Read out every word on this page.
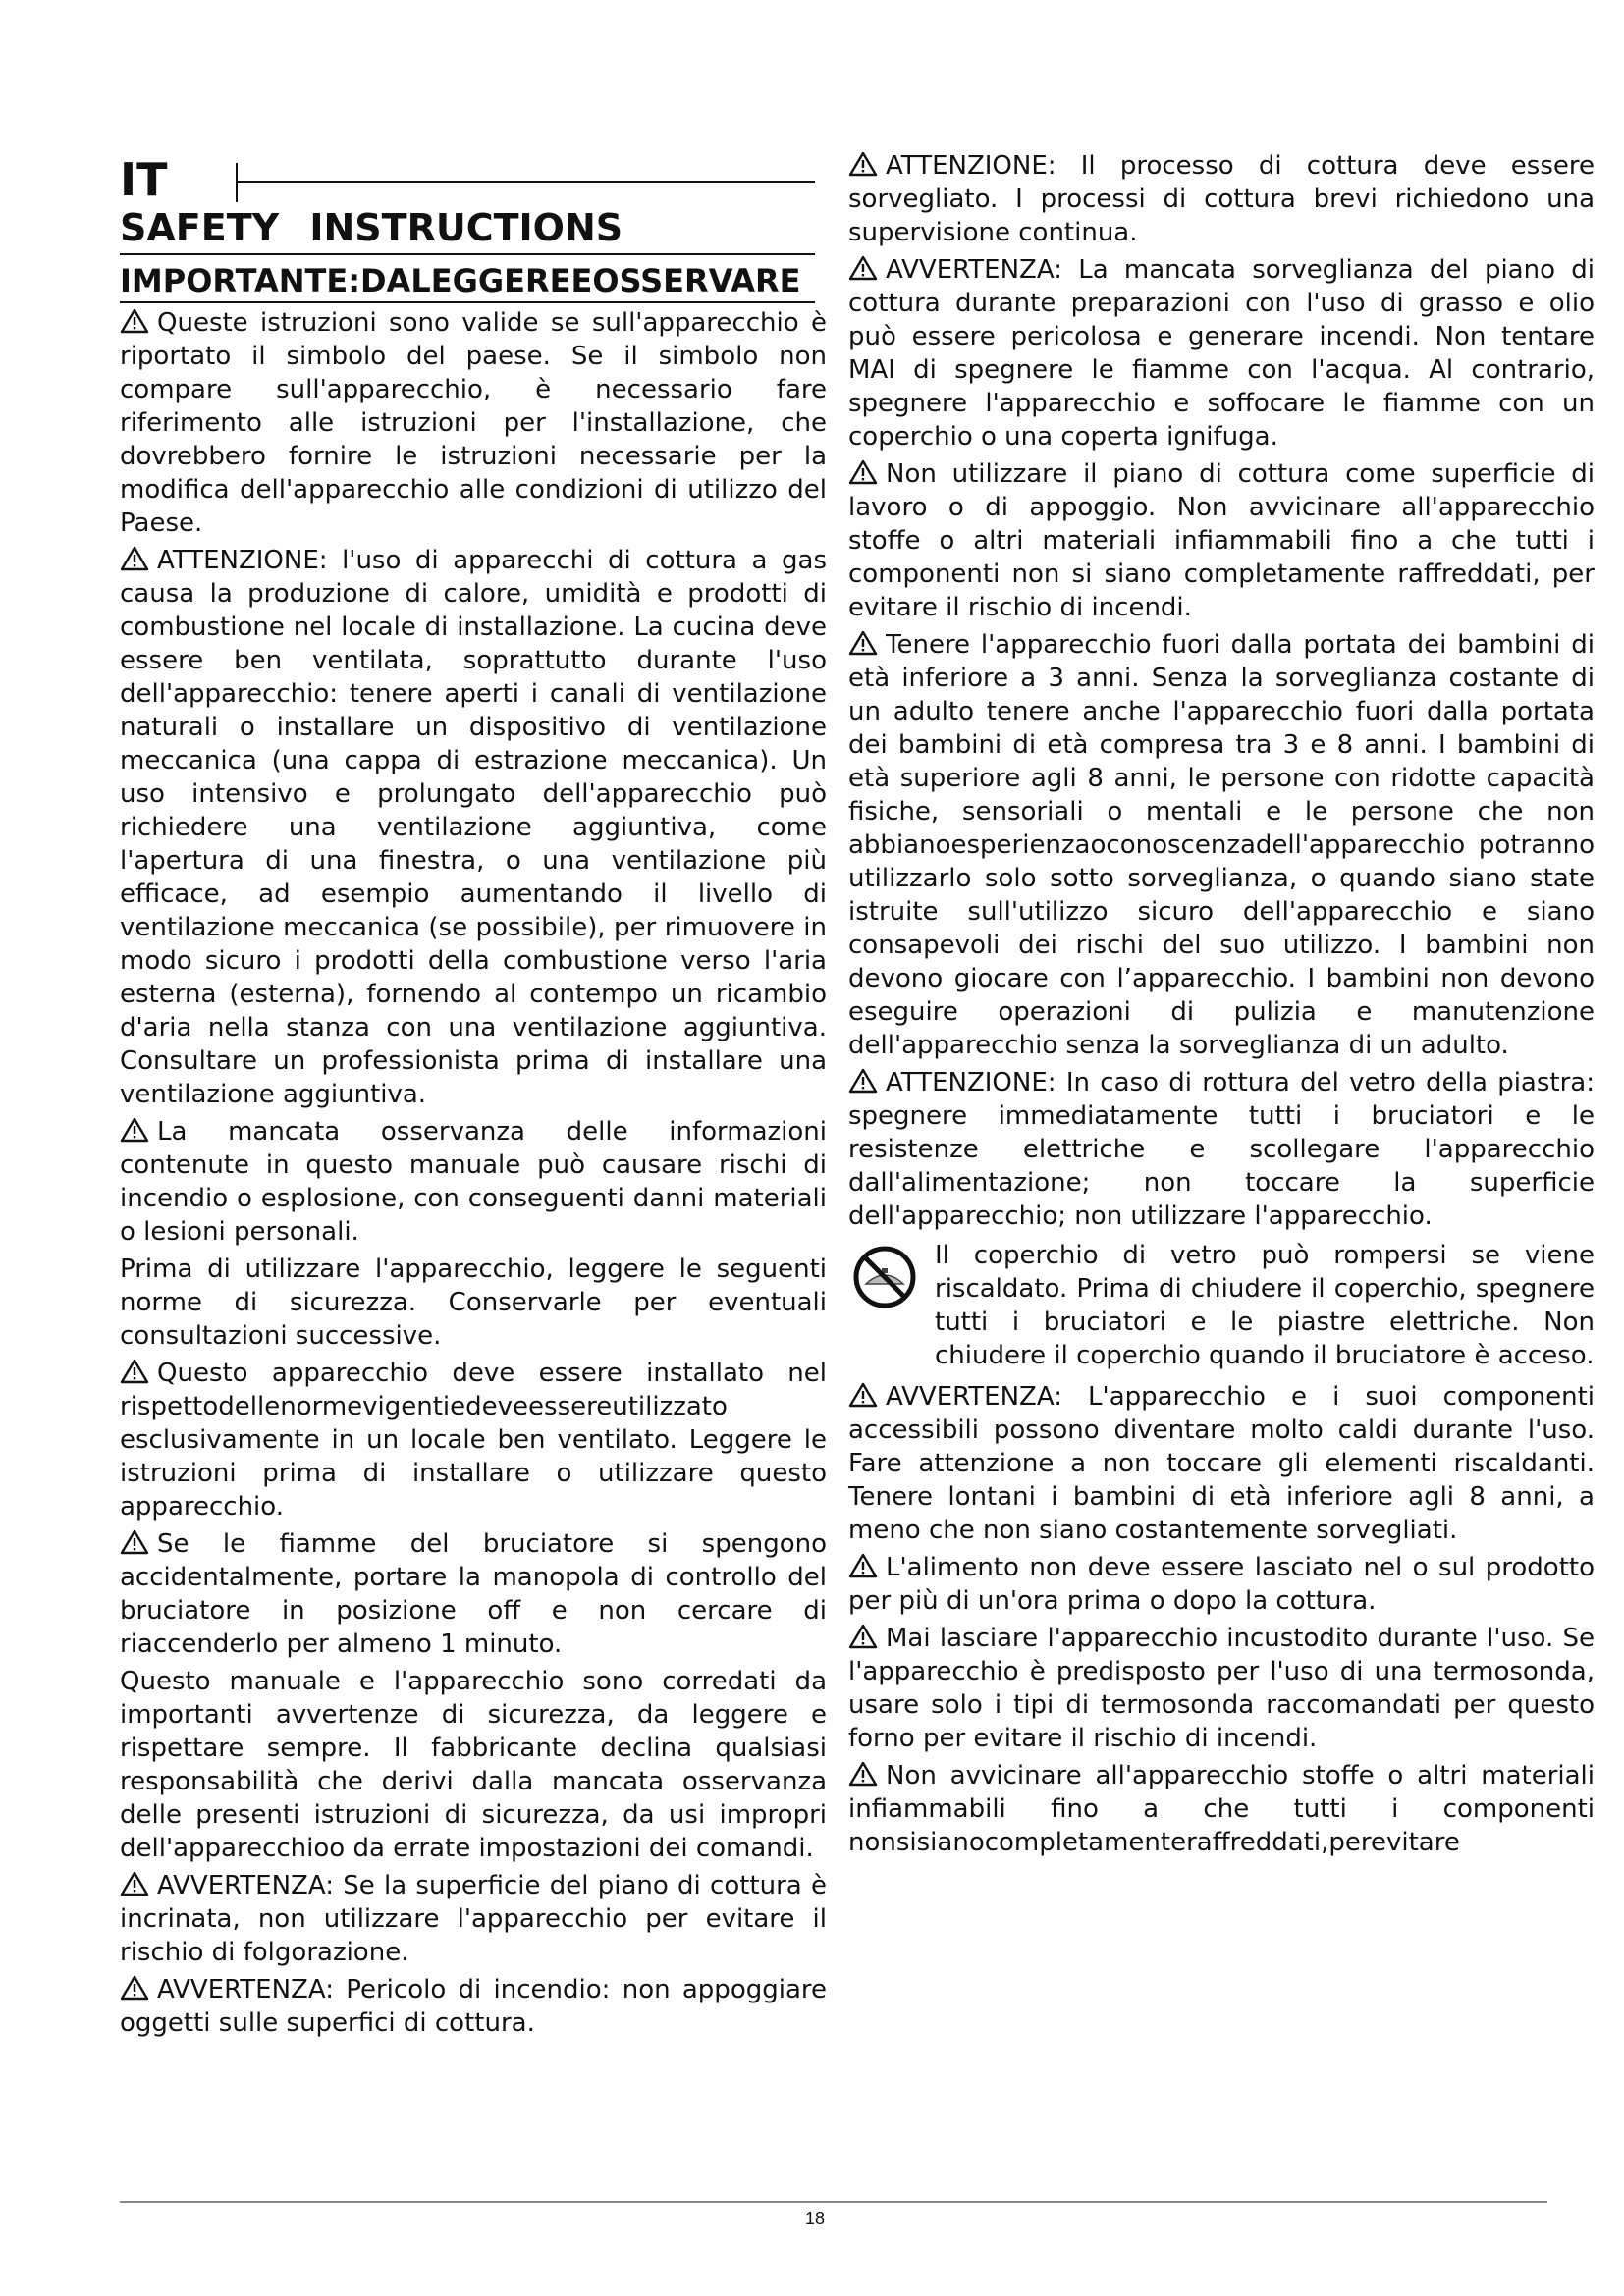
IT
SAFETY INSTRUCTIONS
IMPORTANTE:DALEGGEREEOSSERVARE

Queste istruzioni sono valide se sull'apparecchio è riportato il simbolo del paese. Se il simbolo non compare sull'apparecchio, è necessario fare riferimento alle istruzioni per l'installazione, che dovrebbero fornire le istruzioni necessarie per la modifica dell'apparecchio alle condizioni di utilizzo del Paese.

ATTENZIONE: l'uso di apparecchi di cottura a gas causa la produzione di calore, umidità e prodotti di combustione nel locale di installazione. La cucina deve essere ben ventilata, soprattutto durante l'uso dell'apparecchio: tenere aperti i canali di ventilazione naturali o installare un dispositivo di ventilazione meccanica (una cappa di estrazione meccanica). Un uso intensivo e prolungato dell'apparecchio può richiedere una ventilazione aggiuntiva, come l'apertura di una finestra, o una ventilazione più efficace, ad esempio aumentando il livello di ventilazione meccanica (se possibile), per rimuovere in modo sicuro i prodotti della combustione verso l'aria esterna (esterna), fornendo al contempo un ricambio d'aria nella stanza con una ventilazione aggiuntiva. Consultare un professionista prima di installare una ventilazione aggiuntiva.

La mancata osservanza delle informazioni contenute in questo manuale può causare rischi di incendio o esplosione, con conseguenti danni materiali o lesioni personali.

Prima di utilizzare l'apparecchio, leggere le seguenti norme di sicurezza. Conservarle per eventuali consultazioni successive.

Questo apparecchio deve essere installato nel rispettodellenormevigentiedeveessereutilizzato esclusivamente in un locale ben ventilato. Leggere le istruzioni prima di installare o utilizzare questo apparecchio.

Se le fiamme del bruciatore si spengono accidentalmente, portare la manopola di controllo del bruciatore in posizione off e non cercare di riaccenderlo per almeno 1 minuto.

Questo manuale e l'apparecchio sono corredati da importanti avvertenze di sicurezza, da leggere e rispettare sempre. Il fabbricante declina qualsiasi responsabilità che derivi dalla mancata osservanza delle presenti istruzioni di sicurezza, da usi impropri dell'apparecchioo da errate impostazioni dei comandi.

AVVERTENZA: Se la superficie del piano di cottura è incrinata, non utilizzare l'apparecchio per evitare il rischio di folgorazione.

AVVERTENZA: Pericolo di incendio: non appoggiare oggetti sulle superfici di cottura.

ATTENZIONE: Il processo di cottura deve essere sorvegliato. I processi di cottura brevi richiedono una supervisione continua.

AVVERTENZA: La mancata sorveglianza del piano di cottura durante preparazioni con l'uso di grasso e olio può essere pericolosa e generare incendi. Non tentare MAI di spegnere le fiamme con l'acqua. Al contrario, spegnere l'apparecchio e soffocare le fiamme con un coperchio o una coperta ignifuga.

Non utilizzare il piano di cottura come superficie di lavoro o di appoggio. Non avvicinare all'apparecchio stoffe o altri materiali infiammabili fino a che tutti i componenti non si siano completamente raffreddati, per evitare il rischio di incendi.

Tenere l'apparecchio fuori dalla portata dei bambini di età inferiore a 3 anni. Senza la sorveglianza costante di un adulto tenere anche l'apparecchio fuori dalla portata dei bambini di età compresa tra 3 e 8 anni. I bambini di età superiore agli 8 anni, le persone con ridotte capacità fisiche, sensoriali o mentali e le persone che non abbianoesperienzaoconoscenzadell'apparecchio potranno utilizzarlo solo sotto sorveglianza, o quando siano state istruite sull'utilizzo sicuro dell'apparecchio e siano consapevoli dei rischi del suo utilizzo. I bambini non devono giocare con l’apparecchio. I bambini non devono eseguire operazioni di pulizia e manutenzione dell'apparecchio senza la sorveglianza di un adulto.

ATTENZIONE: In caso di rottura del vetro della piastra: spegnere immediatamente tutti i bruciatori e le resistenze elettriche e scollegare l'apparecchio dall'alimentazione; non toccare la superficie dell'apparecchio; non utilizzare l'apparecchio.

Il coperchio di vetro può rompersi se viene riscaldato. Prima di chiudere il coperchio, spegnere tutti i bruciatori e le piastre elettriche. Non chiudere il coperchio quando il bruciatore è acceso.

AVVERTENZA: L'apparecchio e i suoi componenti accessibili possono diventare molto caldi durante l'uso. Fare attenzione a non toccare gli elementi riscaldanti. Tenere lontani i bambini di età inferiore agli 8 anni, a meno che non siano costantemente sorvegliati.

L'alimento non deve essere lasciato nel o sul prodotto per più di un'ora prima o dopo la cottura.

Mai lasciare l'apparecchio incustodito durante l'uso. Se l'apparecchio è predisposto per l'uso di una termosonda, usare solo i tipi di termosonda raccomandati per questo forno per evitare il rischio di incendi.

Non avvicinare all'apparecchio stoffe o altri materiali infiammabili fino a che tutti i componenti nonsisianocompletamenteraffreddati,perevitare

18
